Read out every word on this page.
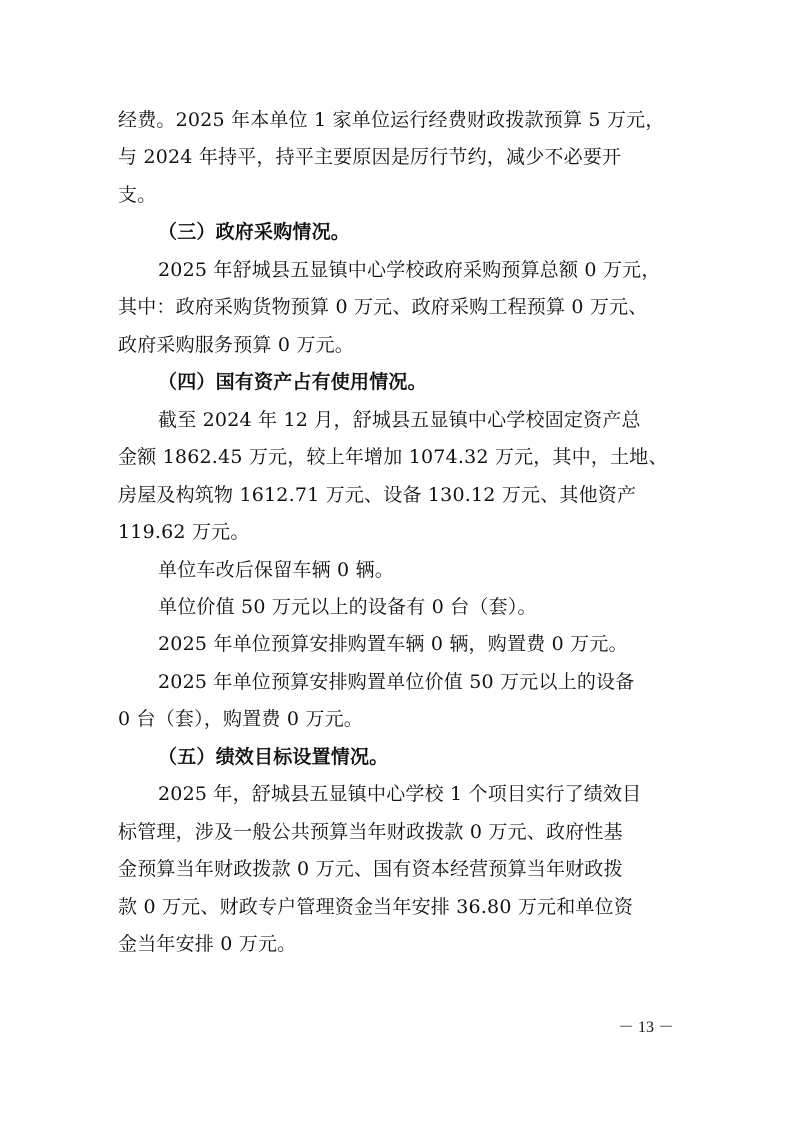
经费。2025 年本单位 1 家单位运行经费财政拨款预算 5 万元，
与 2024 年持平，持平主要原因是厉行节约，减少不必要开
支。
（三）政府采购情况。
2025 年舒城县五显镇中心学校政府采购预算总额 0 万元，
其中：政府采购货物预算 0 万元、政府采购工程预算 0 万元、
政府采购服务预算 0 万元。
（四）国有资产占有使用情况。
截至 2024 年 12 月，舒城县五显镇中心学校固定资产总
金额 1862.45 万元，较上年增加 1074.32 万元，其中，土地、
房屋及构筑物 1612.71 万元、设备 130.12 万元、其他资产
119.62 万元。
单位车改后保留车辆 0 辆。
单位价值 50 万元以上的设备有 0 台（套）。
2025 年单位预算安排购置车辆 0 辆，购置费 0 万元。
2025 年单位预算安排购置单位价值 50 万元以上的设备
0 台（套），购置费 0 万元。
（五）绩效目标设置情况。
2025 年，舒城县五显镇中心学校 1 个项目实行了绩效目
标管理，涉及一般公共预算当年财政拨款 0 万元、政府性基
金预算当年财政拨款 0 万元、国有资本经营预算当年财政拨
款 0 万元、财政专户管理资金当年安排 36.80 万元和单位资
金当年安排 0 万元。
－ 13 －
